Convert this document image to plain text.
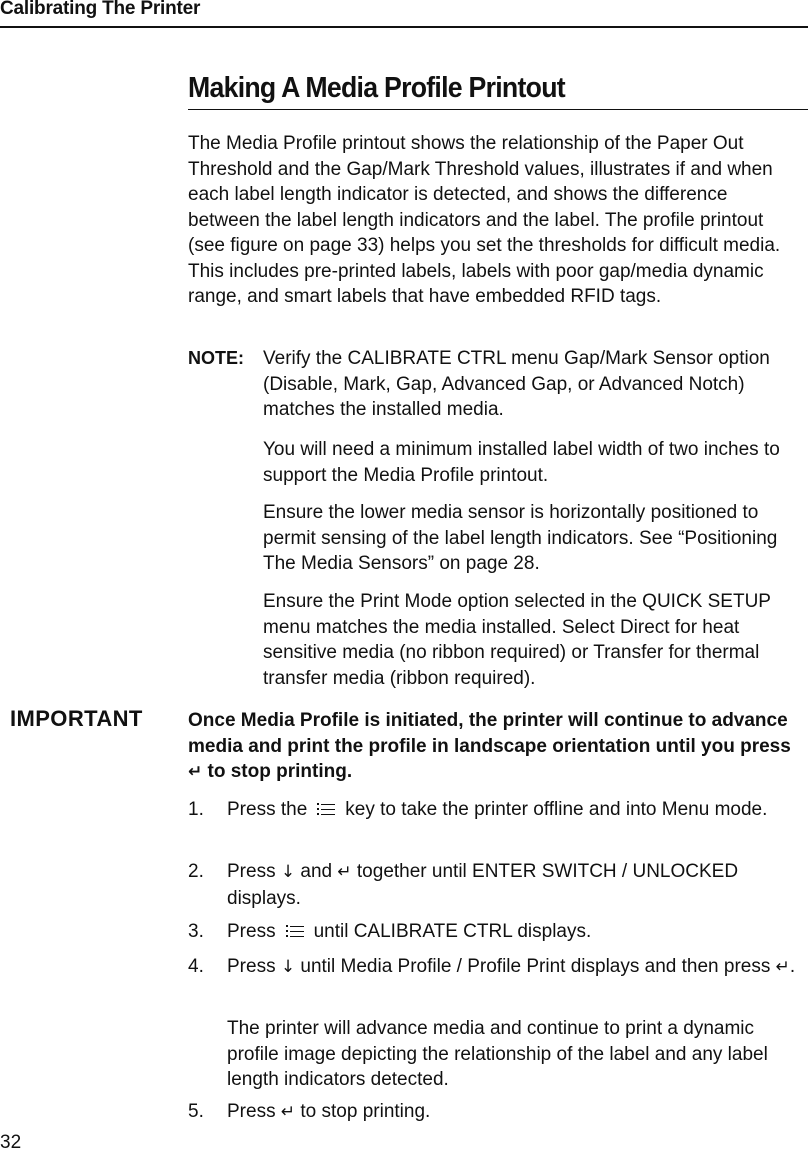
Calibrating The Printer
Making A Media Profile Printout

The Media Profile printout shows the relationship of the Paper Out Threshold and the Gap/Mark Threshold values, illustrates if and when each label length indicator is detected, and shows the difference between the label length indicators and the label. The profile printout (see figure on page 33) helps you set the thresholds for difficult media. This includes pre-printed labels, labels with poor gap/media dynamic range, and smart labels that have embedded RFID tags.

NOTE: Verify the CALIBRATE CTRL menu Gap/Mark Sensor option (Disable, Mark, Gap, Advanced Gap, or Advanced Notch) matches the installed media.

You will need a minimum installed label width of two inches to support the Media Profile printout.

Ensure the lower media sensor is horizontally positioned to permit sensing of the label length indicators. See “Positioning The Media Sensors” on page 28.

Ensure the Print Mode option selected in the QUICK SETUP menu matches the media installed. Select Direct for heat sensitive media (no ribbon required) or Transfer for thermal transfer media (ribbon required).

IMPORTANT Once Media Profile is initiated, the printer will continue to advance media and print the profile in landscape orientation until you press ↵ to stop printing.

1. Press the key to take the printer offline and into Menu mode.

2. Press ↓ and ↵ together until ENTER SWITCH / UNLOCKED displays.

3. Press until CALIBRATE CTRL displays.

4. Press ↓ until Media Profile / Profile Print displays and then press ↵.

The printer will advance media and continue to print a dynamic profile image depicting the relationship of the label and any label length indicators detected.

5. Press ↵ to stop printing.

32
